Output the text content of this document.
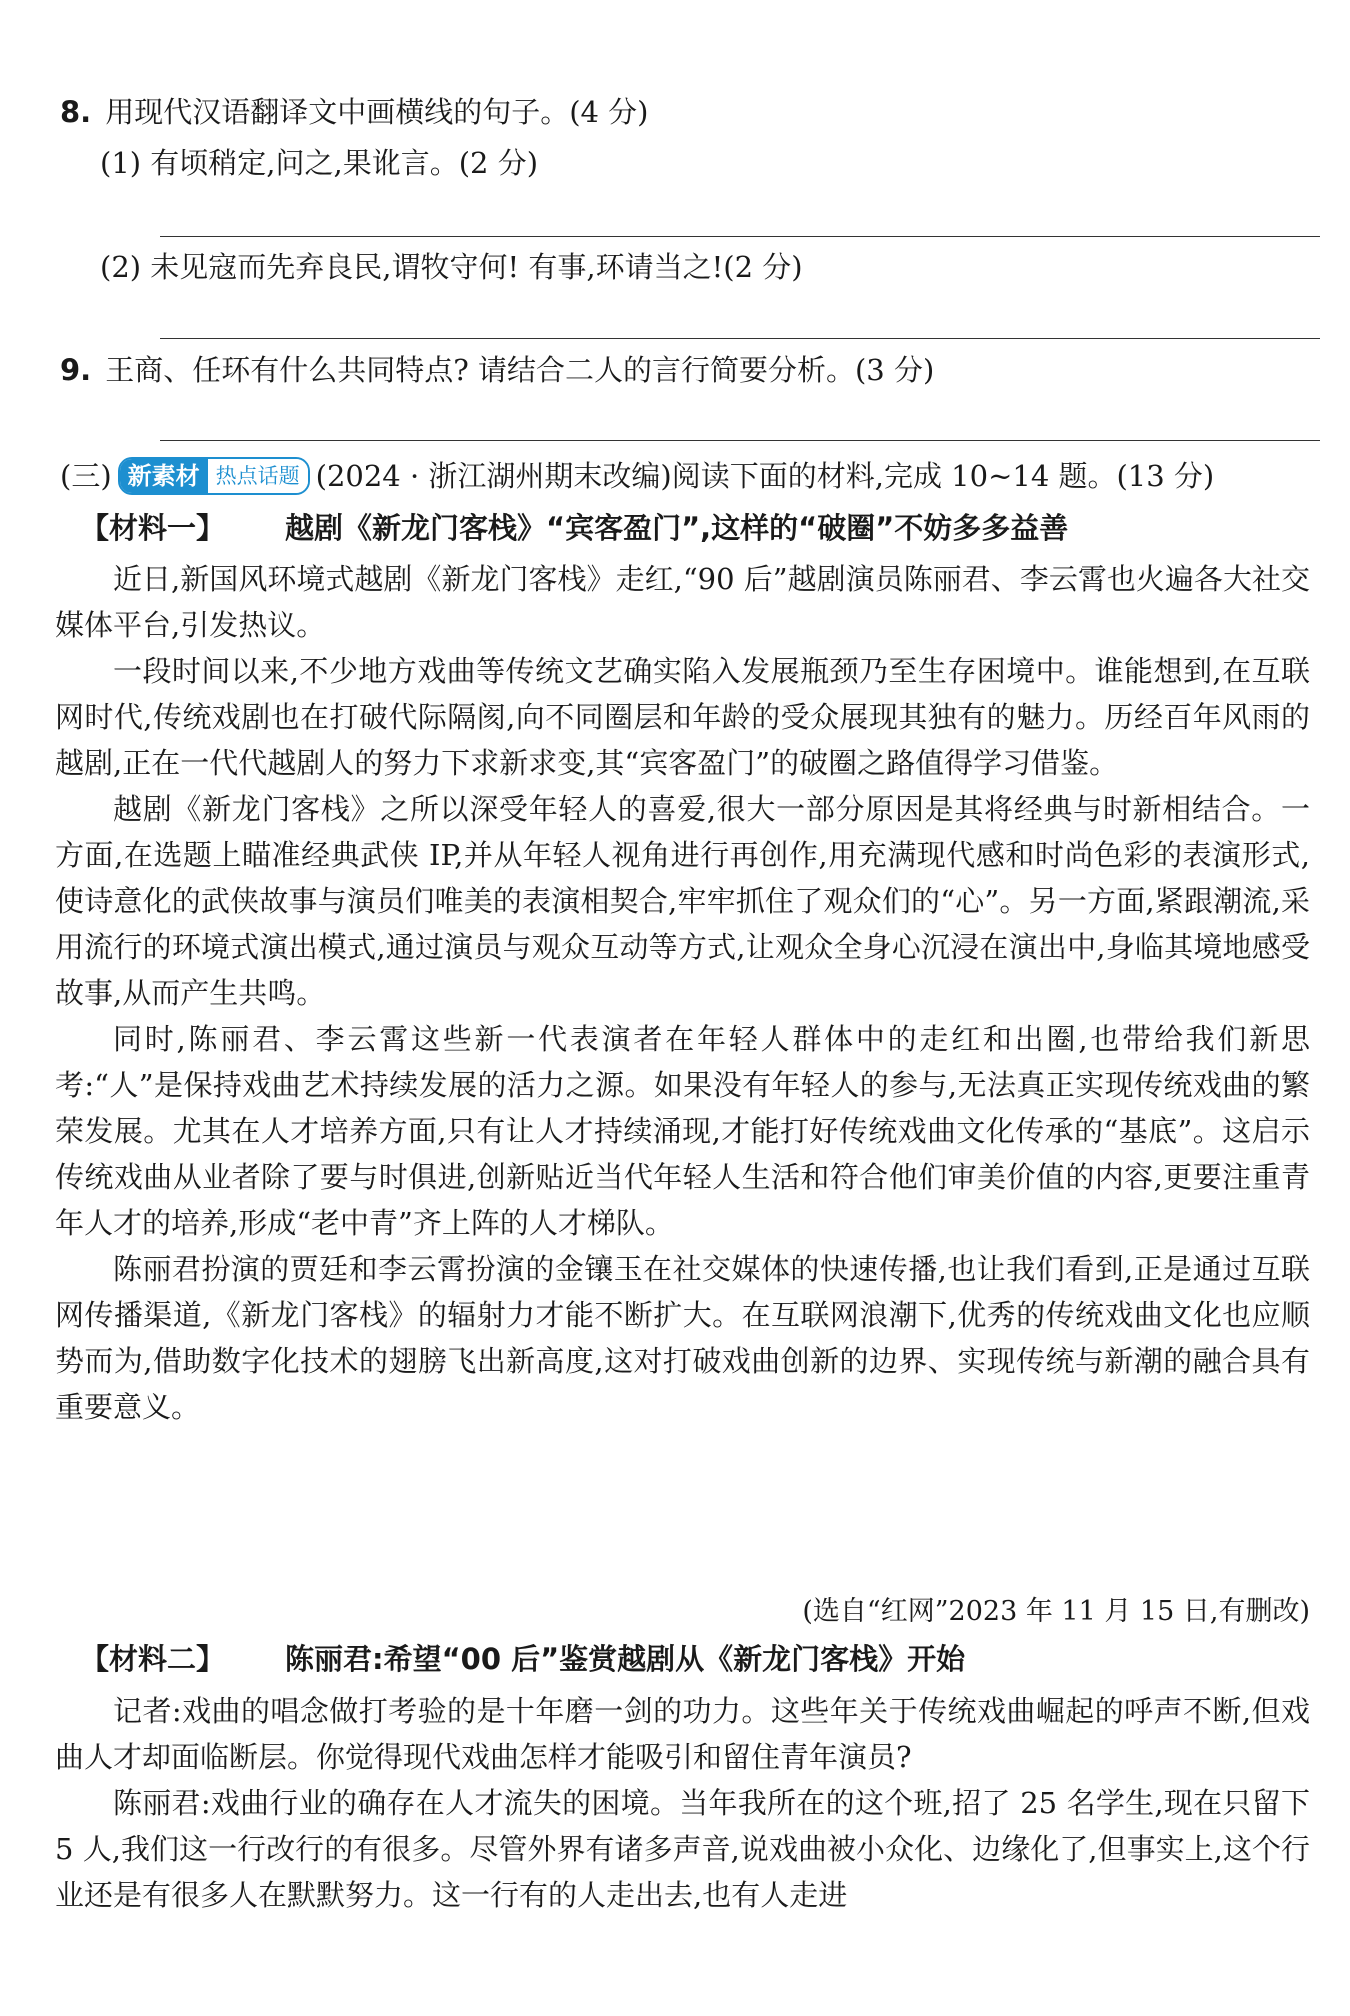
8. 用现代汉语翻译文中画横线的句子。(4 分)
(1) 有顷稍定,问之,果讹言。(2 分)
(2) 未见寇而先弃良民,谓牧守何! 有事,环请当之!(2 分)
9. 王商、任环有什么共同特点? 请结合二人的言行简要分析。(3 分)
(三) 新素材 热点话题 (2024 · 浙江湖州期末改编)阅读下面的材料,完成 10~14 题。(13 分)
【材料一】 越剧《新龙门客栈》“宾客盈门”,这样的“破圈”不妨多多益善

近日,新国风环境式越剧《新龙门客栈》走红,“90 后”越剧演员陈丽君、李云霄也火遍各大社交媒体平台,引发热议。

一段时间以来,不少地方戏曲等传统文艺确实陷入发展瓶颈乃至生存困境中。谁能想到,在互联网时代,传统戏剧也在打破代际隔阂,向不同圈层和年龄的受众展现其独有的魅力。历经百年风雨的越剧,正在一代代越剧人的努力下求新求变,其“宾客盈门”的破圈之路值得学习借鉴。

越剧《新龙门客栈》之所以深受年轻人的喜爱,很大一部分原因是其将经典与时新相结合。一方面,在选题上瞄准经典武侠 IP,并从年轻人视角进行再创作,用充满现代感和时尚色彩的表演形式,使诗意化的武侠故事与演员们唯美的表演相契合,牢牢抓住了观众们的“心”。另一方面,紧跟潮流,采用流行的环境式演出模式,通过演员与观众互动等方式,让观众全身心沉浸在演出中,身临其境地感受故事,从而产生共鸣。

同时,陈丽君、李云霄这些新一代表演者在年轻人群体中的走红和出圈,也带给我们新思考:“人”是保持戏曲艺术持续发展的活力之源。如果没有年轻人的参与,无法真正实现传统戏曲的繁荣发展。尤其在人才培养方面,只有让人才持续涌现,才能打好传统戏曲文化传承的“基底”。这启示传统戏曲从业者除了要与时俱进,创新贴近当代年轻人生活和符合他们审美价值的内容,更要注重青年人才的培养,形成“老中青”齐上阵的人才梯队。

陈丽君扮演的贾廷和李云霄扮演的金镶玉在社交媒体的快速传播,也让我们看到,正是通过互联网传播渠道,《新龙门客栈》的辐射力才能不断扩大。在互联网浪潮下,优秀的传统戏曲文化也应顺势而为,借助数字化技术的翅膀飞出新高度,这对打破戏曲创新的边界、实现传统与新潮的融合具有重要意义。

(选自“红网”2023 年 11 月 15 日,有删改)
【材料二】 陈丽君:希望“00 后”鉴赏越剧从《新龙门客栈》开始

记者:戏曲的唱念做打考验的是十年磨一剑的功力。这些年关于传统戏曲崛起的呼声不断,但戏曲人才却面临断层。你觉得现代戏曲怎样才能吸引和留住青年演员?

陈丽君:戏曲行业的确存在人才流失的困境。当年我所在的这个班,招了 25 名学生,现在只留下 5 人,我们这一行改行的有很多。尽管外界有诸多声音,说戏曲被小众化、边缘化了,但事实上,这个行业还是有很多人在默默努力。这一行有的人走出去,也有人走进
